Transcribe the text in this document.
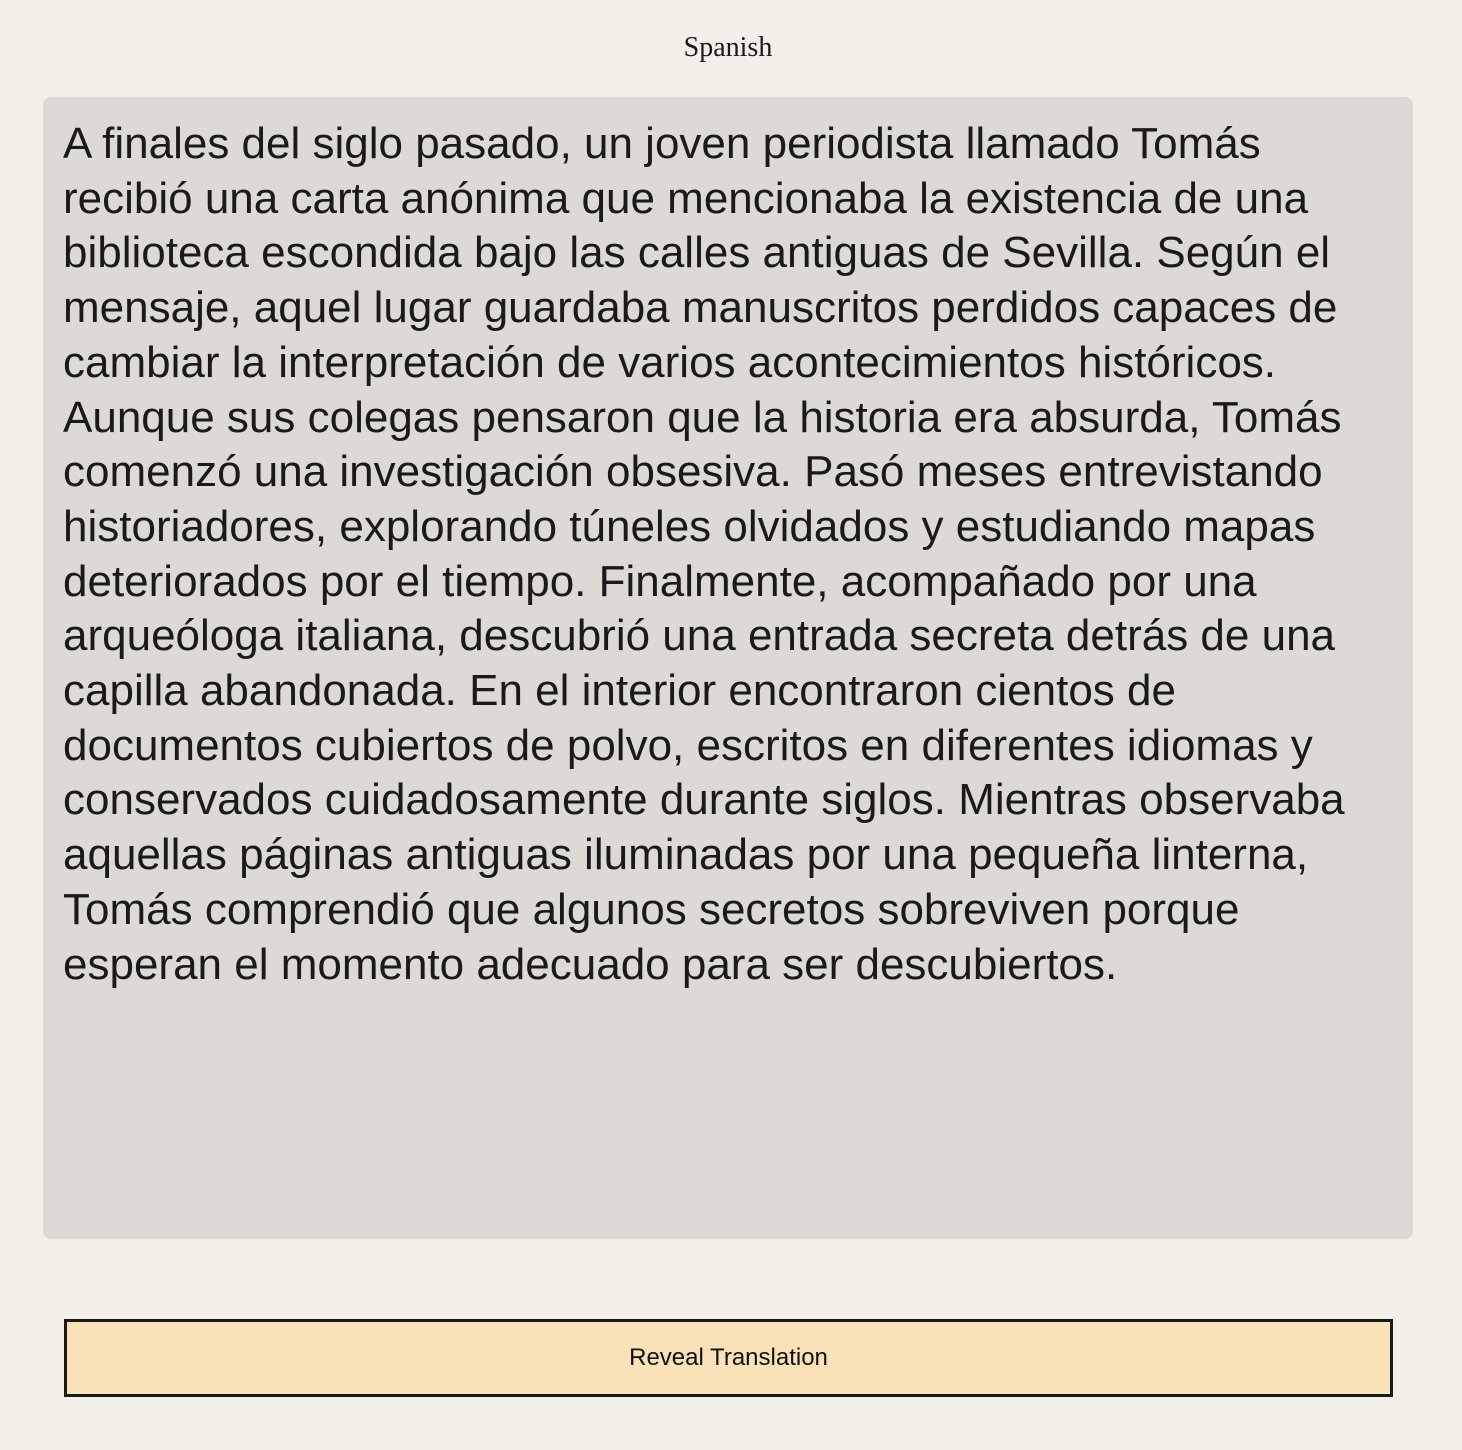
Spanish

A finales del siglo pasado, un joven periodista llamado Tomás recibió una carta anónima que mencionaba la existencia de una biblioteca escondida bajo las calles antiguas de Sevilla. Según el mensaje, aquel lugar guardaba manuscritos perdidos capaces de cambiar la interpretación de varios acontecimientos históricos. Aunque sus colegas pensaron que la historia era absurda, Tomás comenzó una investigación obsesiva. Pasó meses entrevistando historiadores, explorando túneles olvidados y estudiando mapas deteriorados por el tiempo. Finalmente, acompañado por una arqueóloga italiana, descubrió una entrada secreta detrás de una capilla abandonada. En el interior encontraron cientos de documentos cubiertos de polvo, escritos en diferentes idiomas y conservados cuidadosamente durante siglos. Mientras observaba aquellas páginas antiguas iluminadas por una pequeña linterna, Tomás comprendió que algunos secretos sobreviven porque esperan el momento adecuado para ser descubiertos.

Reveal Translation
